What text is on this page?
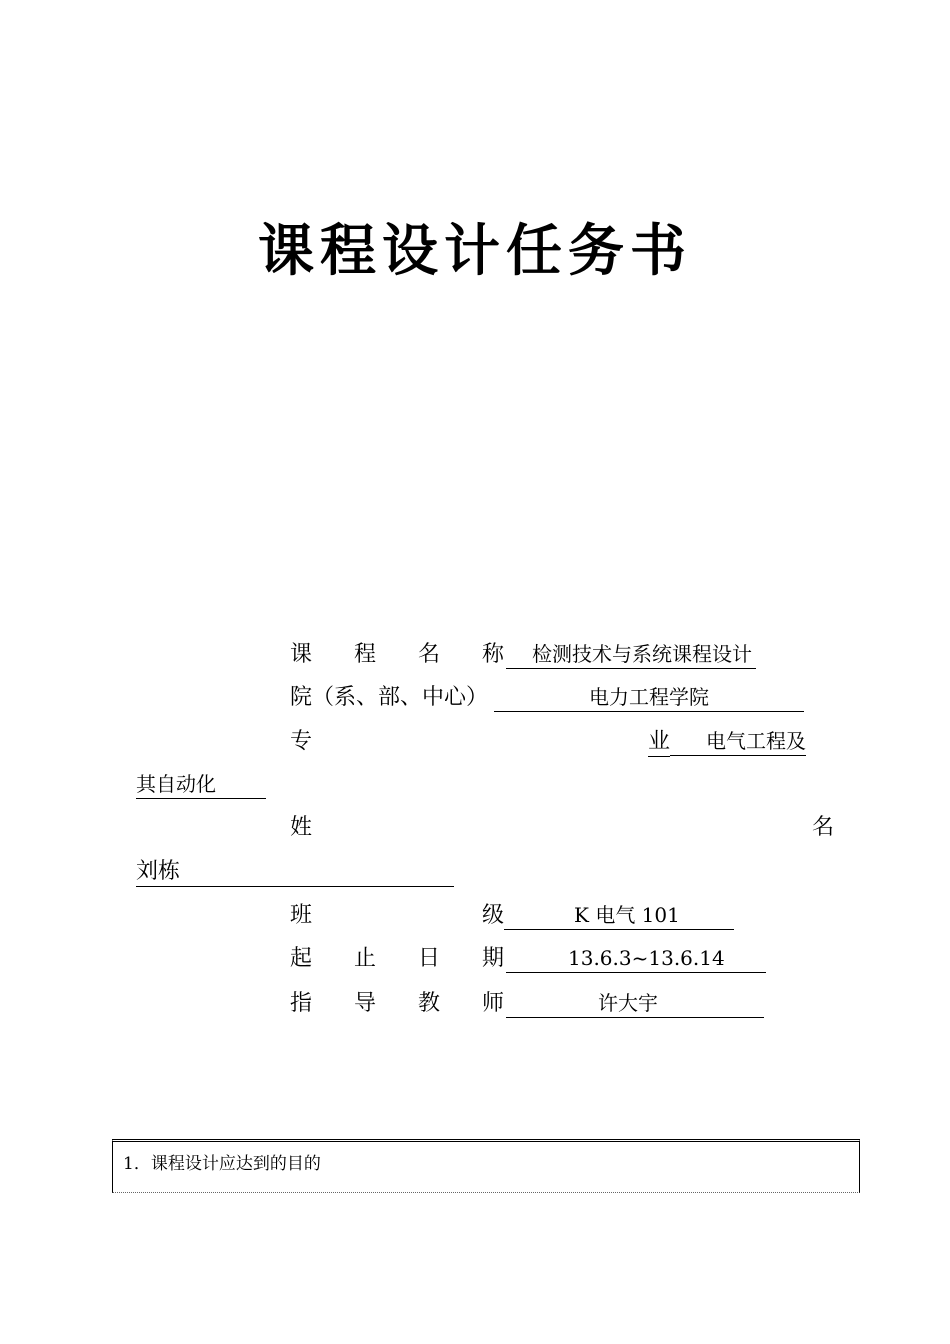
课程设计任务书
课 程 名 称 检测技术与系统课程设计
院（系、部、中心）	电力工程学院
专	业 电气工程及
其自动化
姓	名
刘栋
班	级	K 电气 101
起 止 日 期	13.6.3~13.6.14
指 导 教 师	许大宇
1．课程设计应达到的目的
